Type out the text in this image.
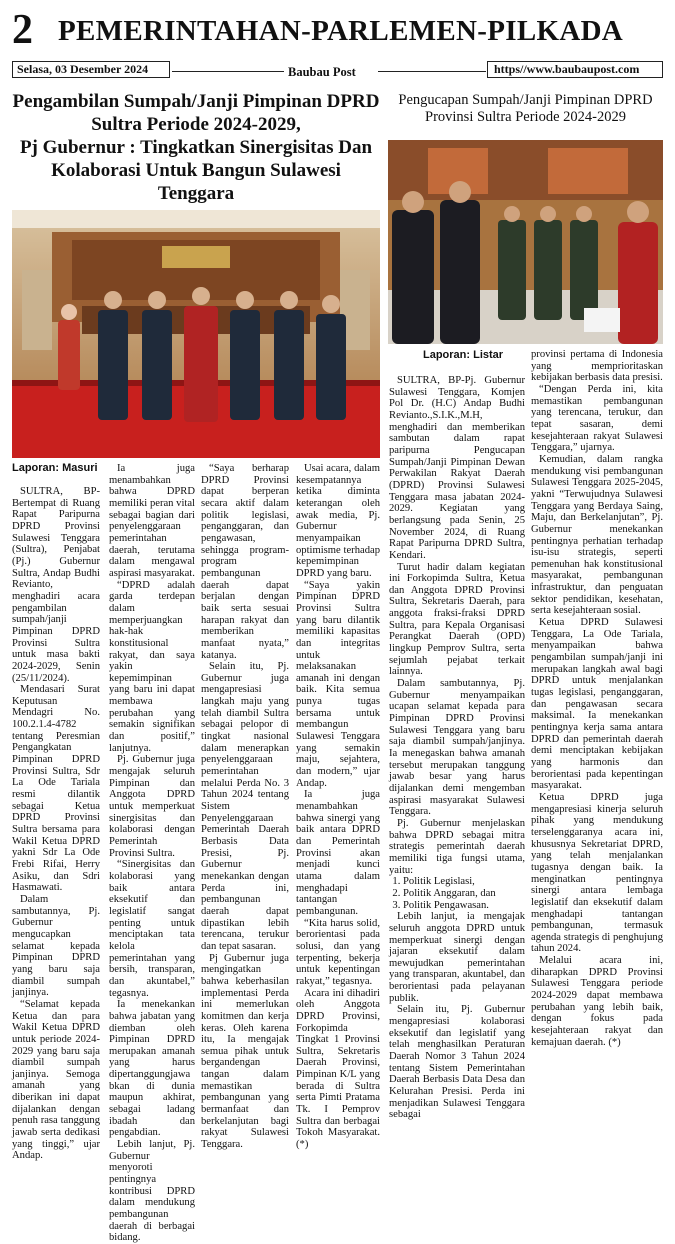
2 PEMERINTAHAN-PARLEMEN-PILKADA
Selasa, 03 Desember 2024	Baubau Post	https//www.baubaupost.com
Pengambilan Sumpah/Janji Pimpinan DPRD Sultra Periode 2024-2029,
Pj Gubernur : Tingkatkan Sinergisitas Dan Kolaborasi Untuk Bangun Sulawesi Tenggara
Pengucapan Sumpah/Janji Pimpinan DPRD Provinsi Sultra Periode 2024-2029
Laporan: Masuri
Laporan: Listar

SULTRA, BP-Bertempat di Ruang Rapat Paripurna DPRD Provinsi Sulawesi Tenggara (Sultra), Penjabat (Pj.) Gubernur Sultra, Andap Budhi Revianto, menghadiri acara pengambilan sumpah/janji Pimpinan DPRD Provinsi Sultra untuk masa bakti 2024-2029, Senin (25/11/2024).

Mendasari Surat Keputusan Mendagri No. 100.2.1.4-4782 tentang Peresmian Pengangkatan Pimpinan DPRD Provinsi Sultra, Sdr La Ode Tariala resmi dilantik sebagai Ketua DPRD Provinsi Sultra bersama para Wakil Ketua DPRD yakni Sdr La Ode Frebi Rifai, Herry Asiku, dan Sdri Hasmawati.

Dalam sambutannya, Pj. Gubernur mengucapkan selamat kepada Pimpinan DPRD yang baru saja diambil sumpah janjinya.

“Selamat kepada Ketua dan para Wakil Ketua DPRD untuk periode 2024-2029 yang baru saja diambil sumpah janjinya. Semoga amanah yang diberikan ini dapat dijalankan dengan penuh rasa tanggung jawab serta dedikasi yang tinggi,” ujar Andap.

Ia juga menambahkan bahwa DPRD memiliki peran vital sebagai bagian dari penyelenggaraan pemerintahan daerah, terutama dalam mengawal aspirasi masyarakat.

“DPRD adalah garda terdepan dalam memperjuangkan hak-hak konstitusional rakyat, dan saya yakin kepemimpinan yang baru ini dapat membawa perubahan yang semakin signifikan dan positif,” lanjutnya.

Pj. Gubernur juga mengajak seluruh Pimpinan dan Anggota DPRD untuk memperkuat sinergisitas dan kolaborasi dengan Pemerintah Provinsi Sultra.

“Sinergisitas dan kolaborasi yang baik antara eksekutif dan legislatif sangat penting untuk menciptakan tata kelola pemerintahan yang bersih, transparan, dan akuntabel,” tegasnya.

Ia menekankan bahwa jabatan yang diemban oleh Pimpinan DPRD merupakan amanah yang harus dipertanggungjawabkan di dunia maupun akhirat, sebagai ladang ibadah dan pengabdian.

Lebih lanjut, Pj. Gubernur menyoroti pentingnya kontribusi DPRD dalam mendukung pembangunan daerah di berbagai bidang.

“Saya berharap DPRD Provinsi dapat berperan secara aktif dalam politik legislasi, penganggaran, dan pengawasan, sehingga program-program pembangunan daerah dapat berjalan dengan baik serta sesuai harapan rakyat dan memberikan manfaat nyata,” katanya.

Selain itu, Pj. Gubernur juga mengapresiasi langkah maju yang telah diambil Sultra sebagai pelopor di tingkat nasional dalam menerapkan penyelenggaraan pemerintahan melalui Perda No. 3 Tahun 2024 tentang Sistem Penyelenggaraan Pemerintah Daerah Berbasis Data Presisi, Pj. Gubernur menekankan dengan Perda ini, pembangunan daerah dapat dipastikan lebih terencana, terukur dan tepat sasaran.

Pj Gubernur juga mengingatkan bahwa keberhasilan implementasi Perda ini memerlukan komitmen dan kerja keras. Oleh karena itu, Ia mengajak semua pihak untuk bergandengan tangan dalam memastikan pembangunan yang bermanfaat dan berkelanjutan bagi rakyat Sulawesi Tenggara.

Usai acara, dalam kesempatannya ketika diminta keterangan oleh awak media, Pj. Gubernur menyampaikan optimisme terhadap kepemimpinan DPRD yang baru.

“Saya yakin Pimpinan DPRD Provinsi Sultra yang baru dilantik memiliki kapasitas dan integritas untuk melaksanakan amanah ini dengan baik. Kita semua punya tugas bersama untuk membangun Sulawesi Tenggara yang semakin maju, sejahtera, dan modern,” ujar Andap.

Ia juga menambahkan bahwa sinergi yang baik antara DPRD dan Pemerintah Provinsi akan menjadi kunci utama dalam menghadapi tantangan pembangunan.

“Kita harus solid, berorientasi pada solusi, dan yang terpenting, bekerja untuk kepentingan rakyat,” tegasnya.

Acara ini dihadiri oleh Anggota DPRD Provinsi, Forkopimda Tingkat 1 Provinsi Sultra, Sekretaris Daerah Provinsi, Pimpinan K/L yang berada di Sultra serta Pimti Pratama Tk. I Pemprov Sultra dan berbagai Tokoh Masyarakat.(*)

SULTRA, BP-Pj. Gubernur Sulawesi Tenggara, Komjen Pol Dr. (H.C) Andap Budhi Revianto.,S.I.K.,M.H, menghadiri dan memberikan sambutan dalam rapat paripurna Pengucapan Sumpah/Janji Pimpinan Dewan Perwakilan Rakyat Daerah (DPRD) Provinsi Sulawesi Tenggara masa jabatan 2024-2029. Kegiatan yang berlangsung pada Senin, 25 November 2024, di Ruang Rapat Paripurna DPRD Sultra, Kendari.

Turut hadir dalam kegiatan ini Forkopimda Sultra, Ketua dan Anggota DPRD Provinsi Sultra, Sekretaris Daerah, para anggota fraksi-fraksi DPRD Sultra, para Kepala Organisasi Perangkat Daerah (OPD) lingkup Pemprov Sultra, serta sejumlah pejabat terkait lainnya.

Dalam sambutannya, Pj. Gubernur menyampaikan ucapan selamat kepada para Pimpinan DPRD Provinsi Sulawesi Tenggara yang baru saja diambil sumpah/janjinya. Ia menegaskan bahwa amanah tersebut merupakan tanggung jawab besar yang harus dijalankan demi mengemban aspirasi masyarakat Sulawesi Tenggara.

Pj. Gubernur menjelaskan bahwa DPRD sebagai mitra strategis pemerintah daerah memiliki tiga fungsi utama, yaitu:

1. Politik Legislasi,
2. Politik Anggaran, dan
3. Politik Pengawasan.

Lebih lanjut, ia mengajak seluruh anggota DPRD untuk memperkuat sinergi dengan jajaran eksekutif dalam mewujudkan pemerintahan yang transparan, akuntabel, dan berorientasi pada pelayanan publik.

Selain itu, Pj. Gubernur mengapresiasi kolaborasi eksekutif dan legislatif yang telah menghasilkan Peraturan Daerah Nomor 3 Tahun 2024 tentang Sistem Pemerintahan Daerah Berbasis Data Desa dan Kelurahan Presisi. Perda ini menjadikan Sulawesi Tenggara sebagai

provinsi pertama di Indonesia yang memprioritaskan kebijakan berbasis data presisi.

“Dengan Perda ini, kita memastikan pembangunan yang terencana, terukur, dan tepat sasaran, demi kesejahteraan rakyat Sulawesi Tenggara,” ujarnya.

Kemudian, dalam rangka mendukung visi pembangunan Sulawesi Tenggara 2025-2045, yakni “Terwujudnya Sulawesi Tenggara yang Berdaya Saing, Maju, dan Berkelanjutan”, Pj. Gubernur menekankan pentingnya perhatian terhadap isu-isu strategis, seperti pemenuhan hak konstitusional masyarakat, pembangunan infrastruktur, dan penguatan sektor pendidikan, kesehatan, serta kesejahteraan sosial.

Ketua DPRD Sulawesi Tenggara, La Ode Tariala, menyampaikan bahwa pengambilan sumpah/janji ini merupakan langkah awal bagi DPRD untuk menjalankan tugas legislasi, penganggaran, dan pengawasan secara maksimal. Ia menekankan pentingnya kerja sama antara DPRD dan pemerintah daerah demi menciptakan kebijakan yang harmonis dan berorientasi pada kepentingan masyarakat.

Ketua DPRD juga mengapresiasi kinerja seluruh pihak yang mendukung terselenggaranya acara ini, khususnya Sekretariat DPRD, yang telah menjalankan tugasnya dengan baik. Ia menginatkan pentingnya sinergi antara lembaga legislatif dan eksekutif dalam menghadapi tantangan pembangunan, termasuk agenda strategis di penghujung tahun 2024.

Melalui acara ini, diharapkan DPRD Provinsi Sulawesi Tenggara periode 2024-2029 dapat membawa perubahan yang lebih baik, dengan fokus pada kesejahteraan rakyat dan kemajuan daerah. (*)
